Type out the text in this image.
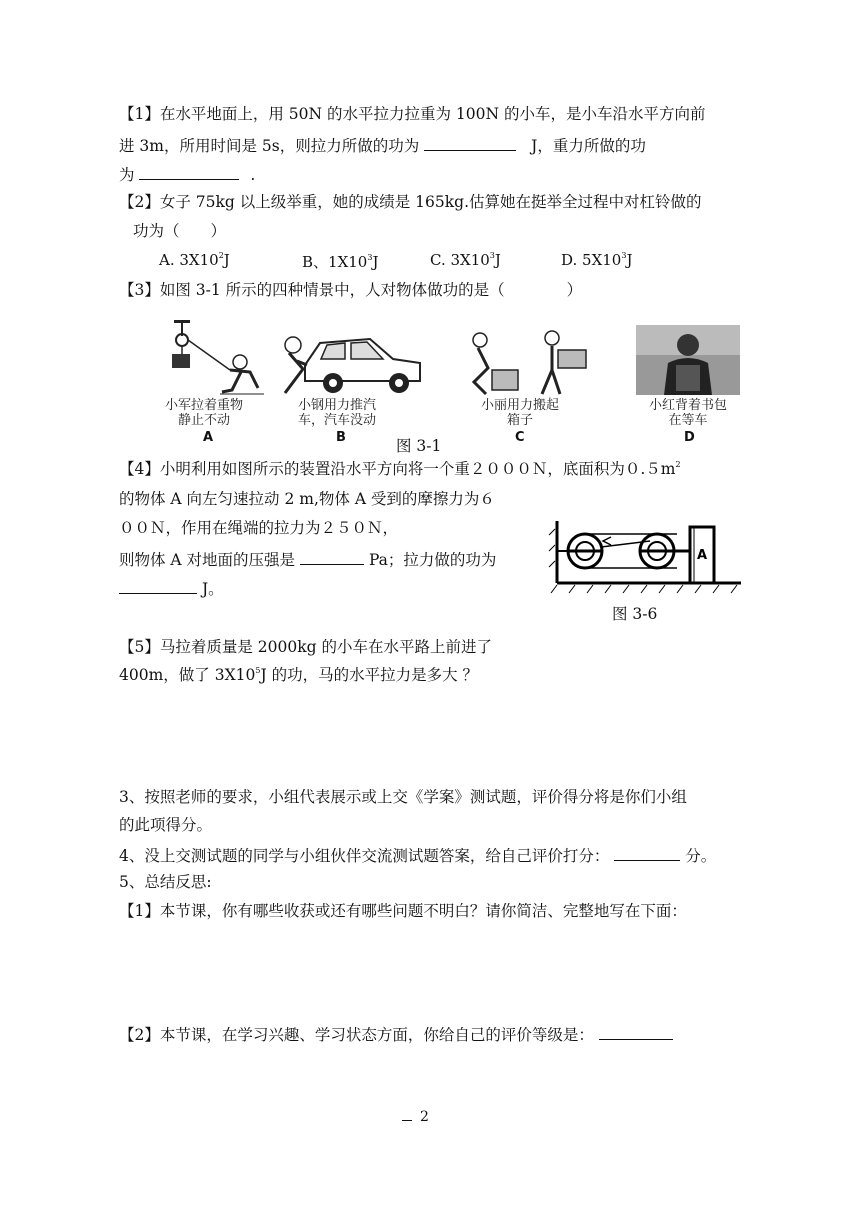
【1】在水平地面上，用 50N 的水平拉力拉重为 100N 的小车，是小车沿水平方向前
进 3m，所用时间是 5s，则拉力所做的功为	J，重力所做的功
为	.
【2】女子 75kg 以上级举重，她的成绩是 165kg.估算她在挺举全过程中对杠铃做的
功为（　　）
A. $3X10^2J$	B、$1X10^3J$	C. $3X10^3J$	D. $5X10^3J$
【3】如图 3-1 所示的四种情景中，人对物体做功的是（　　　　）
小军拉着重物静止不动
A
小钢用力推汽车，汽车没动
B
小丽用力搬起箱子
C
小红背着书包在等车
D
图 3-1
【4】小明利用如图所示的装置沿水平方向将一个重２０００Ｎ，底面积为$0.5m^2$
的物体 A 向左匀速拉动 2 m,物体 A 受到的摩擦力为６
００Ｎ，作用在绳端的拉力为２５０Ｎ，
则物体 A 对地面的压强是	Pa；拉力做的功为
J。
A
图 3-6
【5】马拉着质量是 2000kg 的小车在水平路上前进了
400m，做了 $3X10^5J$ 的功，马的水平拉力是多大 ？
3、按照老师的要求，小组代表展示或上交《学案》测试题，评价得分将是你们小组
的此项得分。
4、没上交测试题的同学与小组伙伴交流测试题答案，给自己评价打分：	分。
5、总结反思:
【1】本节课，你有哪些收获或还有哪些问题不明白？请你简洁、完整地写在下面：
【2】本节课，在学习兴趣、学习状态方面，你给自己的评价等级是：
2
